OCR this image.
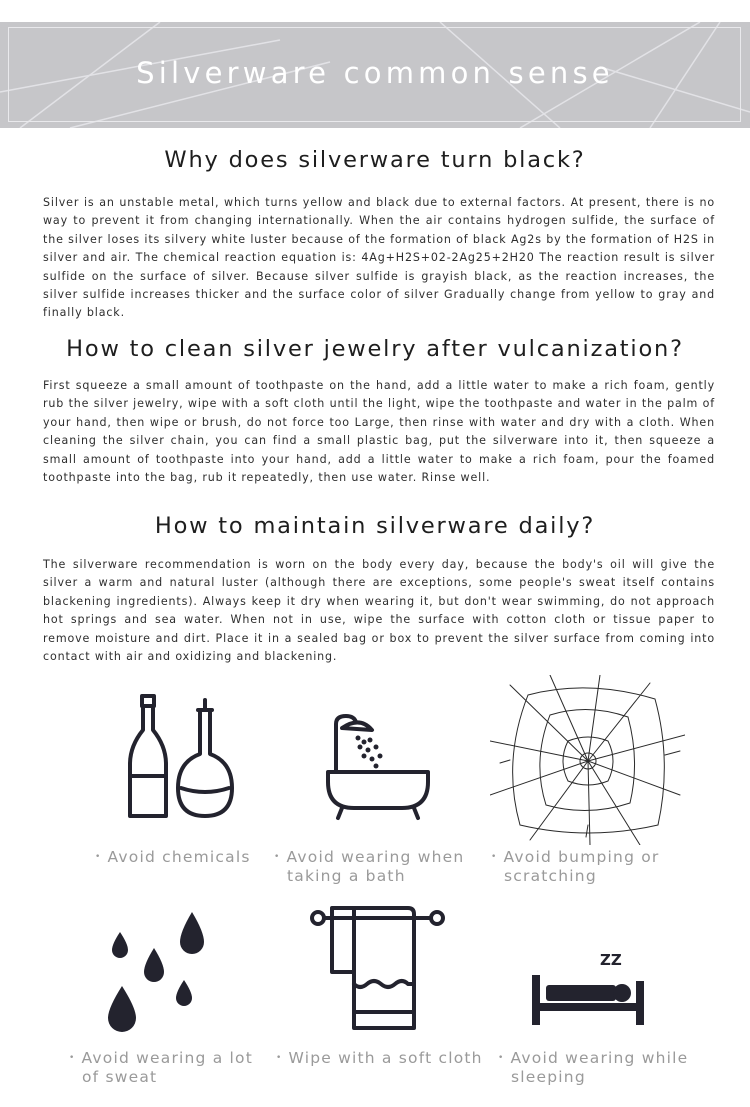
Silverware common sense
Why does silverware turn black?
Silver is an unstable metal, which turns yellow and black due to external factors. At present, there is no way to prevent it from changing internationally. When the air contains hydrogen sulfide, the surface of the silver loses its silvery white luster because of the formation of black Ag2s by the formation of H2S in silver and air. The chemical reaction equation is: 4Ag+H2S+02-2Ag25+2H20 The reaction result is silver sulfide on the surface of silver. Because silver sulfide is grayish black, as the reaction increases, the silver sulfide increases thicker and the surface color of silver Gradually change from yellow to gray and finally black.
How to clean silver jewelry after vulcanization?
First squeeze a small amount of toothpaste on the hand, add a little water to make a rich foam, gently rub the silver jewelry, wipe with a soft cloth until the light, wipe the toothpaste and water in the palm of your hand, then wipe or brush, do not force too Large, then rinse with water and dry with a cloth. When cleaning the silver chain, you can find a small plastic bag, put the silverware into it, then squeeze a small amount of toothpaste into your hand, add a little water to make a rich foam, pour the foamed toothpaste into the bag, rub it repeatedly, then use water. Rinse well.
How to maintain silverware daily?
The silverware recommendation is worn on the body every day, because the body's oil will give the silver a warm and natural luster (although there are exceptions, some people's sweat itself contains blackening ingredients). Always keep it dry when wearing it, but don't wear swimming, do not approach hot springs and sea water. When not in use, wipe the surface with cotton cloth or tissue paper to remove moisture and dirt. Place it in a sealed bag or box to prevent the silver surface from coming into contact with air and oxidizing and blackening.
ZZ
• Avoid chemicals	• Avoid wearing when
taking a bath
• Avoid bumping or
scratching
• Avoid wearing a lot
of sweat
• Wipe with a soft cloth • Avoid wearing while
sleeping
